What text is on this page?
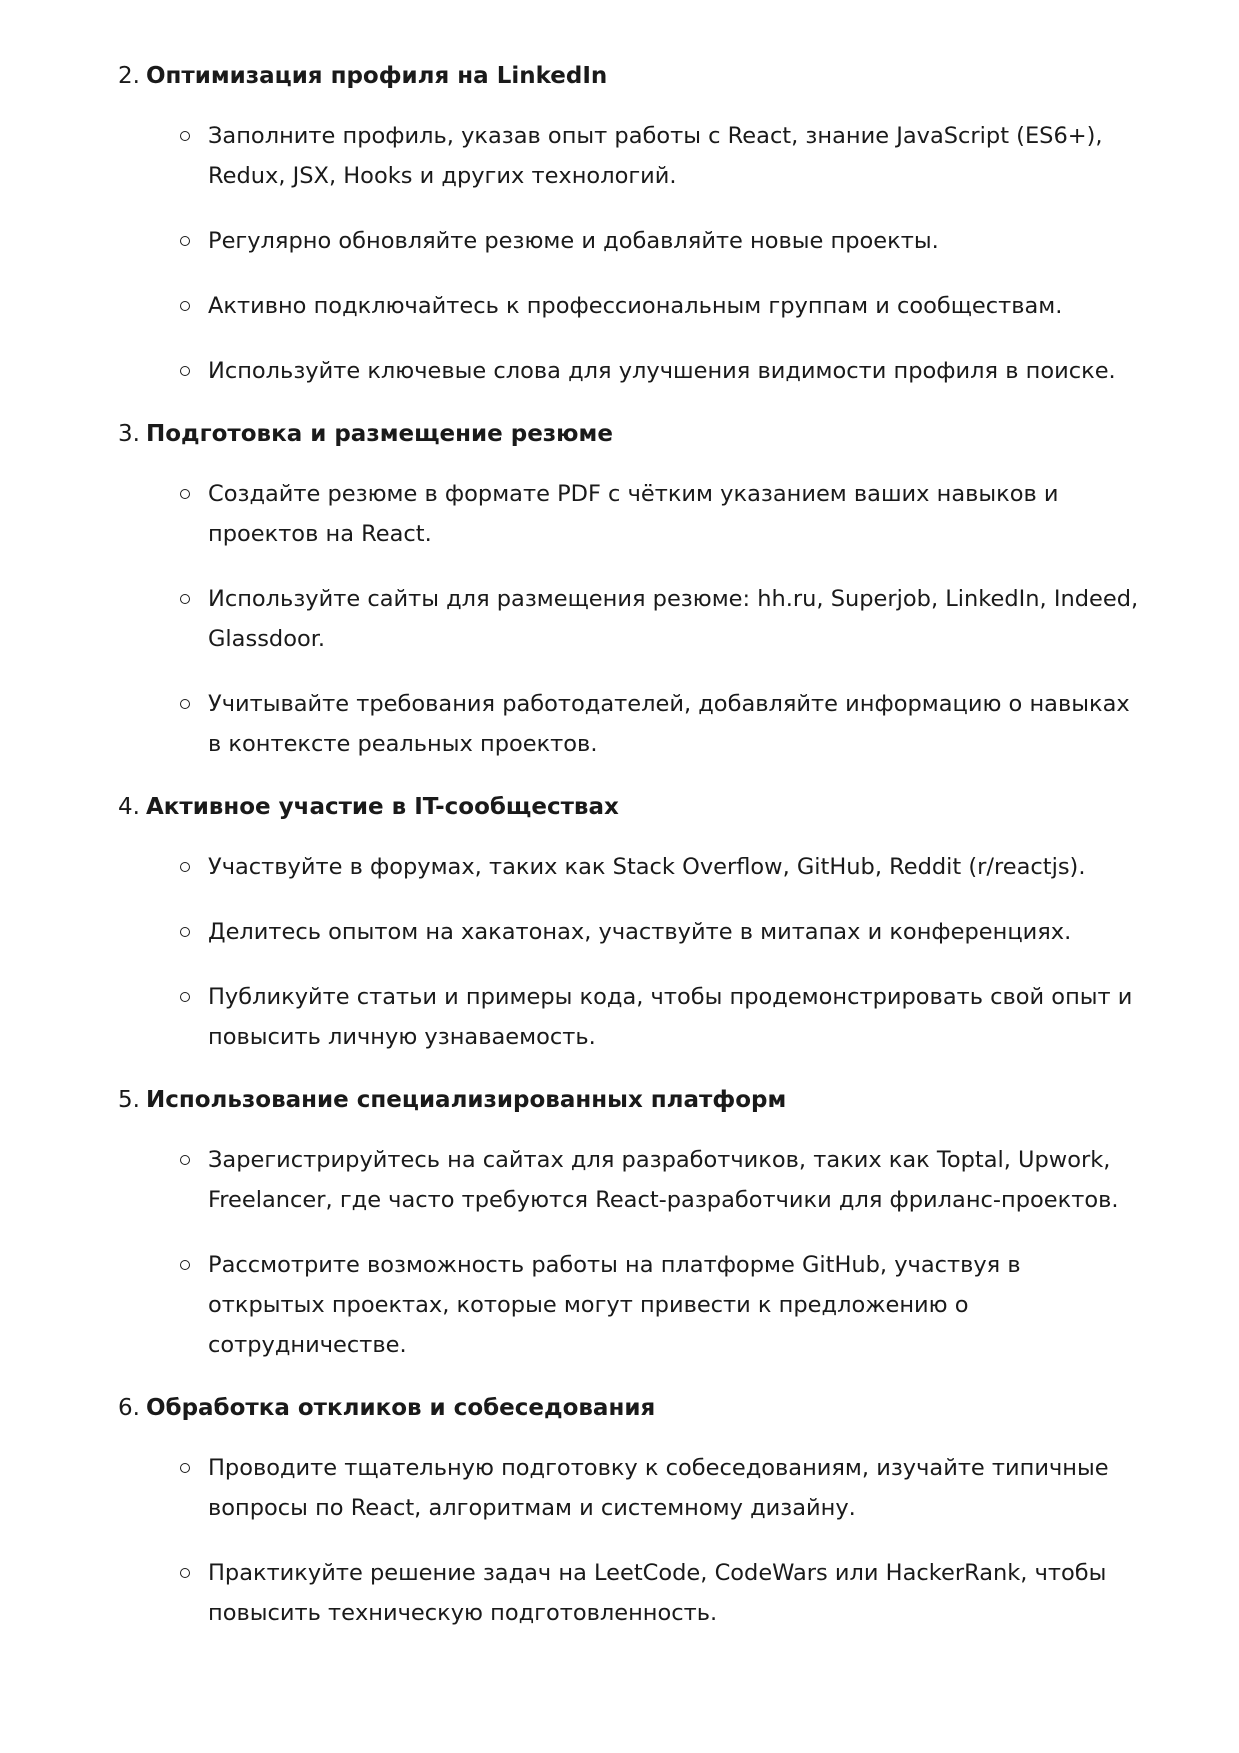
2. Оптимизация профиля на LinkedIn
Заполните профиль, указав опыт работы с React, знание JavaScript (ES6+), Redux, JSX, Hooks и других технологий.
Регулярно обновляйте резюме и добавляйте новые проекты.
Активно подключайтесь к профессиональным группам и сообществам.
Используйте ключевые слова для улучшения видимости профиля в поиске.
3. Подготовка и размещение резюме
Создайте резюме в формате PDF с чётким указанием ваших навыков и проектов на React.
Используйте сайты для размещения резюме: hh.ru, Superjob, LinkedIn, Indeed, Glassdoor.
Учитывайте требования работодателей, добавляйте информацию о навыках в контексте реальных проектов.
4. Активное участие в IT-сообществах
Участвуйте в форумах, таких как Stack Overflow, GitHub, Reddit (r/reactjs).
Делитесь опытом на хакатонах, участвуйте в митапах и конференциях.
Публикуйте статьи и примеры кода, чтобы продемонстрировать свой опыт и повысить личную узнаваемость.
5. Использование специализированных платформ
Зарегистрируйтесь на сайтах для разработчиков, таких как Toptal, Upwork, Freelancer, где часто требуются React-разработчики для фриланс-проектов.
Рассмотрите возможность работы на платформе GitHub, участвуя в открытых проектах, которые могут привести к предложению о сотрудничестве.
6. Обработка откликов и собеседования
Проводите тщательную подготовку к собеседованиям, изучайте типичные вопросы по React, алгоритмам и системному дизайну.
Практикуйте решение задач на LeetCode, CodeWars или HackerRank, чтобы повысить техническую подготовленность.
